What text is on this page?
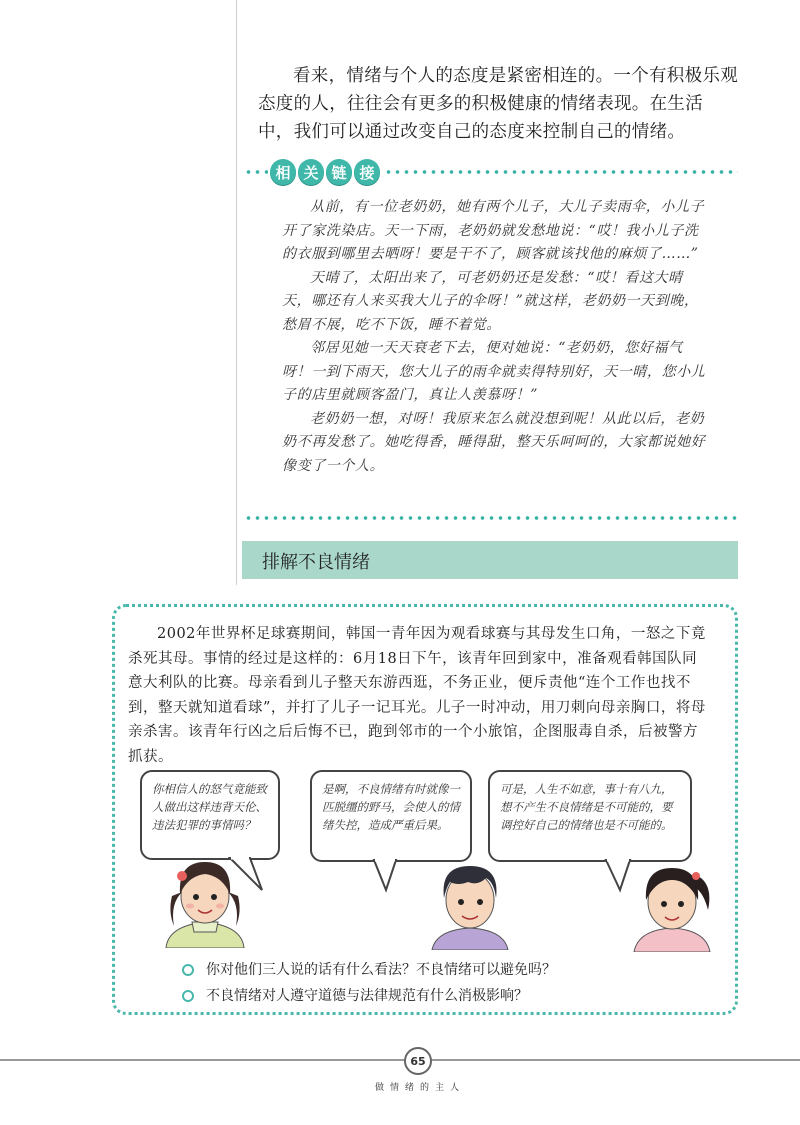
看来，情绪与个人的态度是紧密相连的。一个有积极乐观态度的人，往往会有更多的积极健康的情绪表现。在生活中，我们可以通过改变自己的态度来控制自己的情绪。

相 关 链 接

从前，有一位老奶奶，她有两个儿子，大儿子卖雨伞，小儿子开了家洗染店。天一下雨，老奶奶就发愁地说：“哎！我小儿子洗的衣服到哪里去晒呀！要是干不了，顾客就该找他的麻烦了……”

天晴了，太阳出来了，可老奶奶还是发愁：“哎！看这大晴天，哪还有人来买我大儿子的伞呀！”就这样，老奶奶一天到晚，愁眉不展，吃不下饭，睡不着觉。

邻居见她一天天衰老下去，便对她说：“老奶奶，您好福气呀！一到下雨天，您大儿子的雨伞就卖得特别好，天一晴，您小儿子的店里就顾客盈门，真让人羡慕呀！”

老奶奶一想，对呀！我原来怎么就没想到呢！从此以后，老奶奶不再发愁了。她吃得香，睡得甜，整天乐呵呵的，大家都说她好像变了一个人。

排解不良情绪

2002年世界杯足球赛期间，韩国一青年因为观看球赛与其母发生口角，一怒之下竟杀死其母。事情的经过是这样的：6月18日下午，该青年回到家中，准备观看韩国队同意大利队的比赛。母亲看到儿子整天东游西逛，不务正业，便斥责他“连个工作也找不到，整天就知道看球”，并打了儿子一记耳光。儿子一时冲动，用刀刺向母亲胸口，将母亲杀害。该青年行凶之后后悔不已，跑到邻市的一个小旅馆，企图服毒自杀，后被警方抓获。

你相信人的怒气竟能致人做出这样违背天伦、违法犯罪的事情吗？
是啊，不良情绪有时就像一匹脱缰的野马，会使人的情绪失控，造成严重后果。
可是，人生不如意，事十有八九，想不产生不良情绪是不可能的，要调控好自己的情绪也是不可能的。
你对他们三人说的话有什么看法？不良情绪可以避免吗？
不良情绪对人遵守道德与法律规范有什么消极影响？
65
做情绪的主人
